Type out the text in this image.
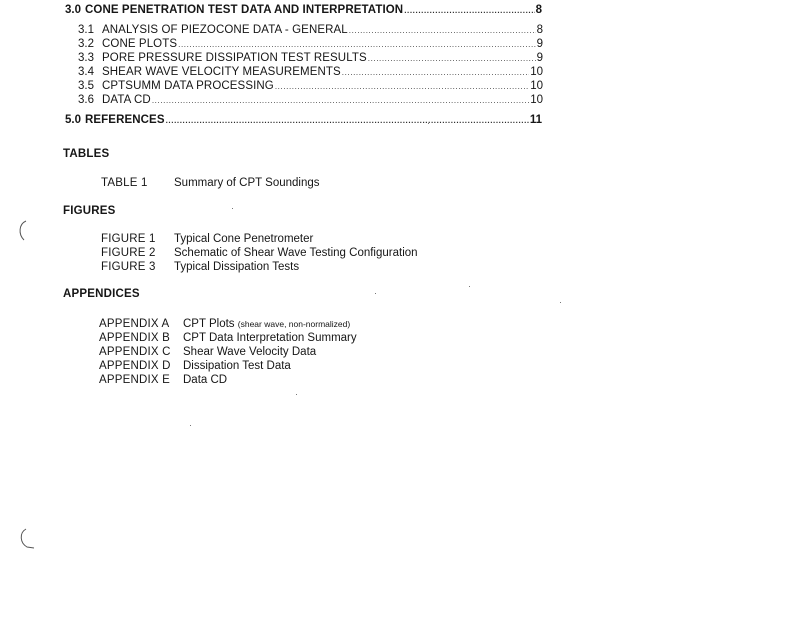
3.0 CONE PENETRATION TEST DATA AND INTERPRETATION .....	8
3.1 ANALYSIS OF PIEZOCONE DATA - GENERAL .....	8
3.2 CONE PLOTS .....	9
3.3 PORE PRESSURE DISSIPATION TEST RESULTS .....	9
3.4 SHEAR WAVE VELOCITY MEASUREMENTS .....	10
3.5 CPTSUMM DATA PROCESSING .....	10
3.6 DATA CD .....	10
5.0 REFERENCES .....	11
TABLES
TABLE 1 Summary of CPT Soundings
FIGURES
FIGURE 1 Typical Cone Penetrometer
FIGURE 2 Schematic of Shear Wave Testing Configuration
FIGURE 3 Typical Dissipation Tests
APPENDICES
APPENDIX A CPT Plots (shear wave, non-normalized)
APPENDIX B CPT Data Interpretation Summary
APPENDIX C Shear Wave Velocity Data
APPENDIX D Dissipation Test Data
APPENDIX E Data CD
